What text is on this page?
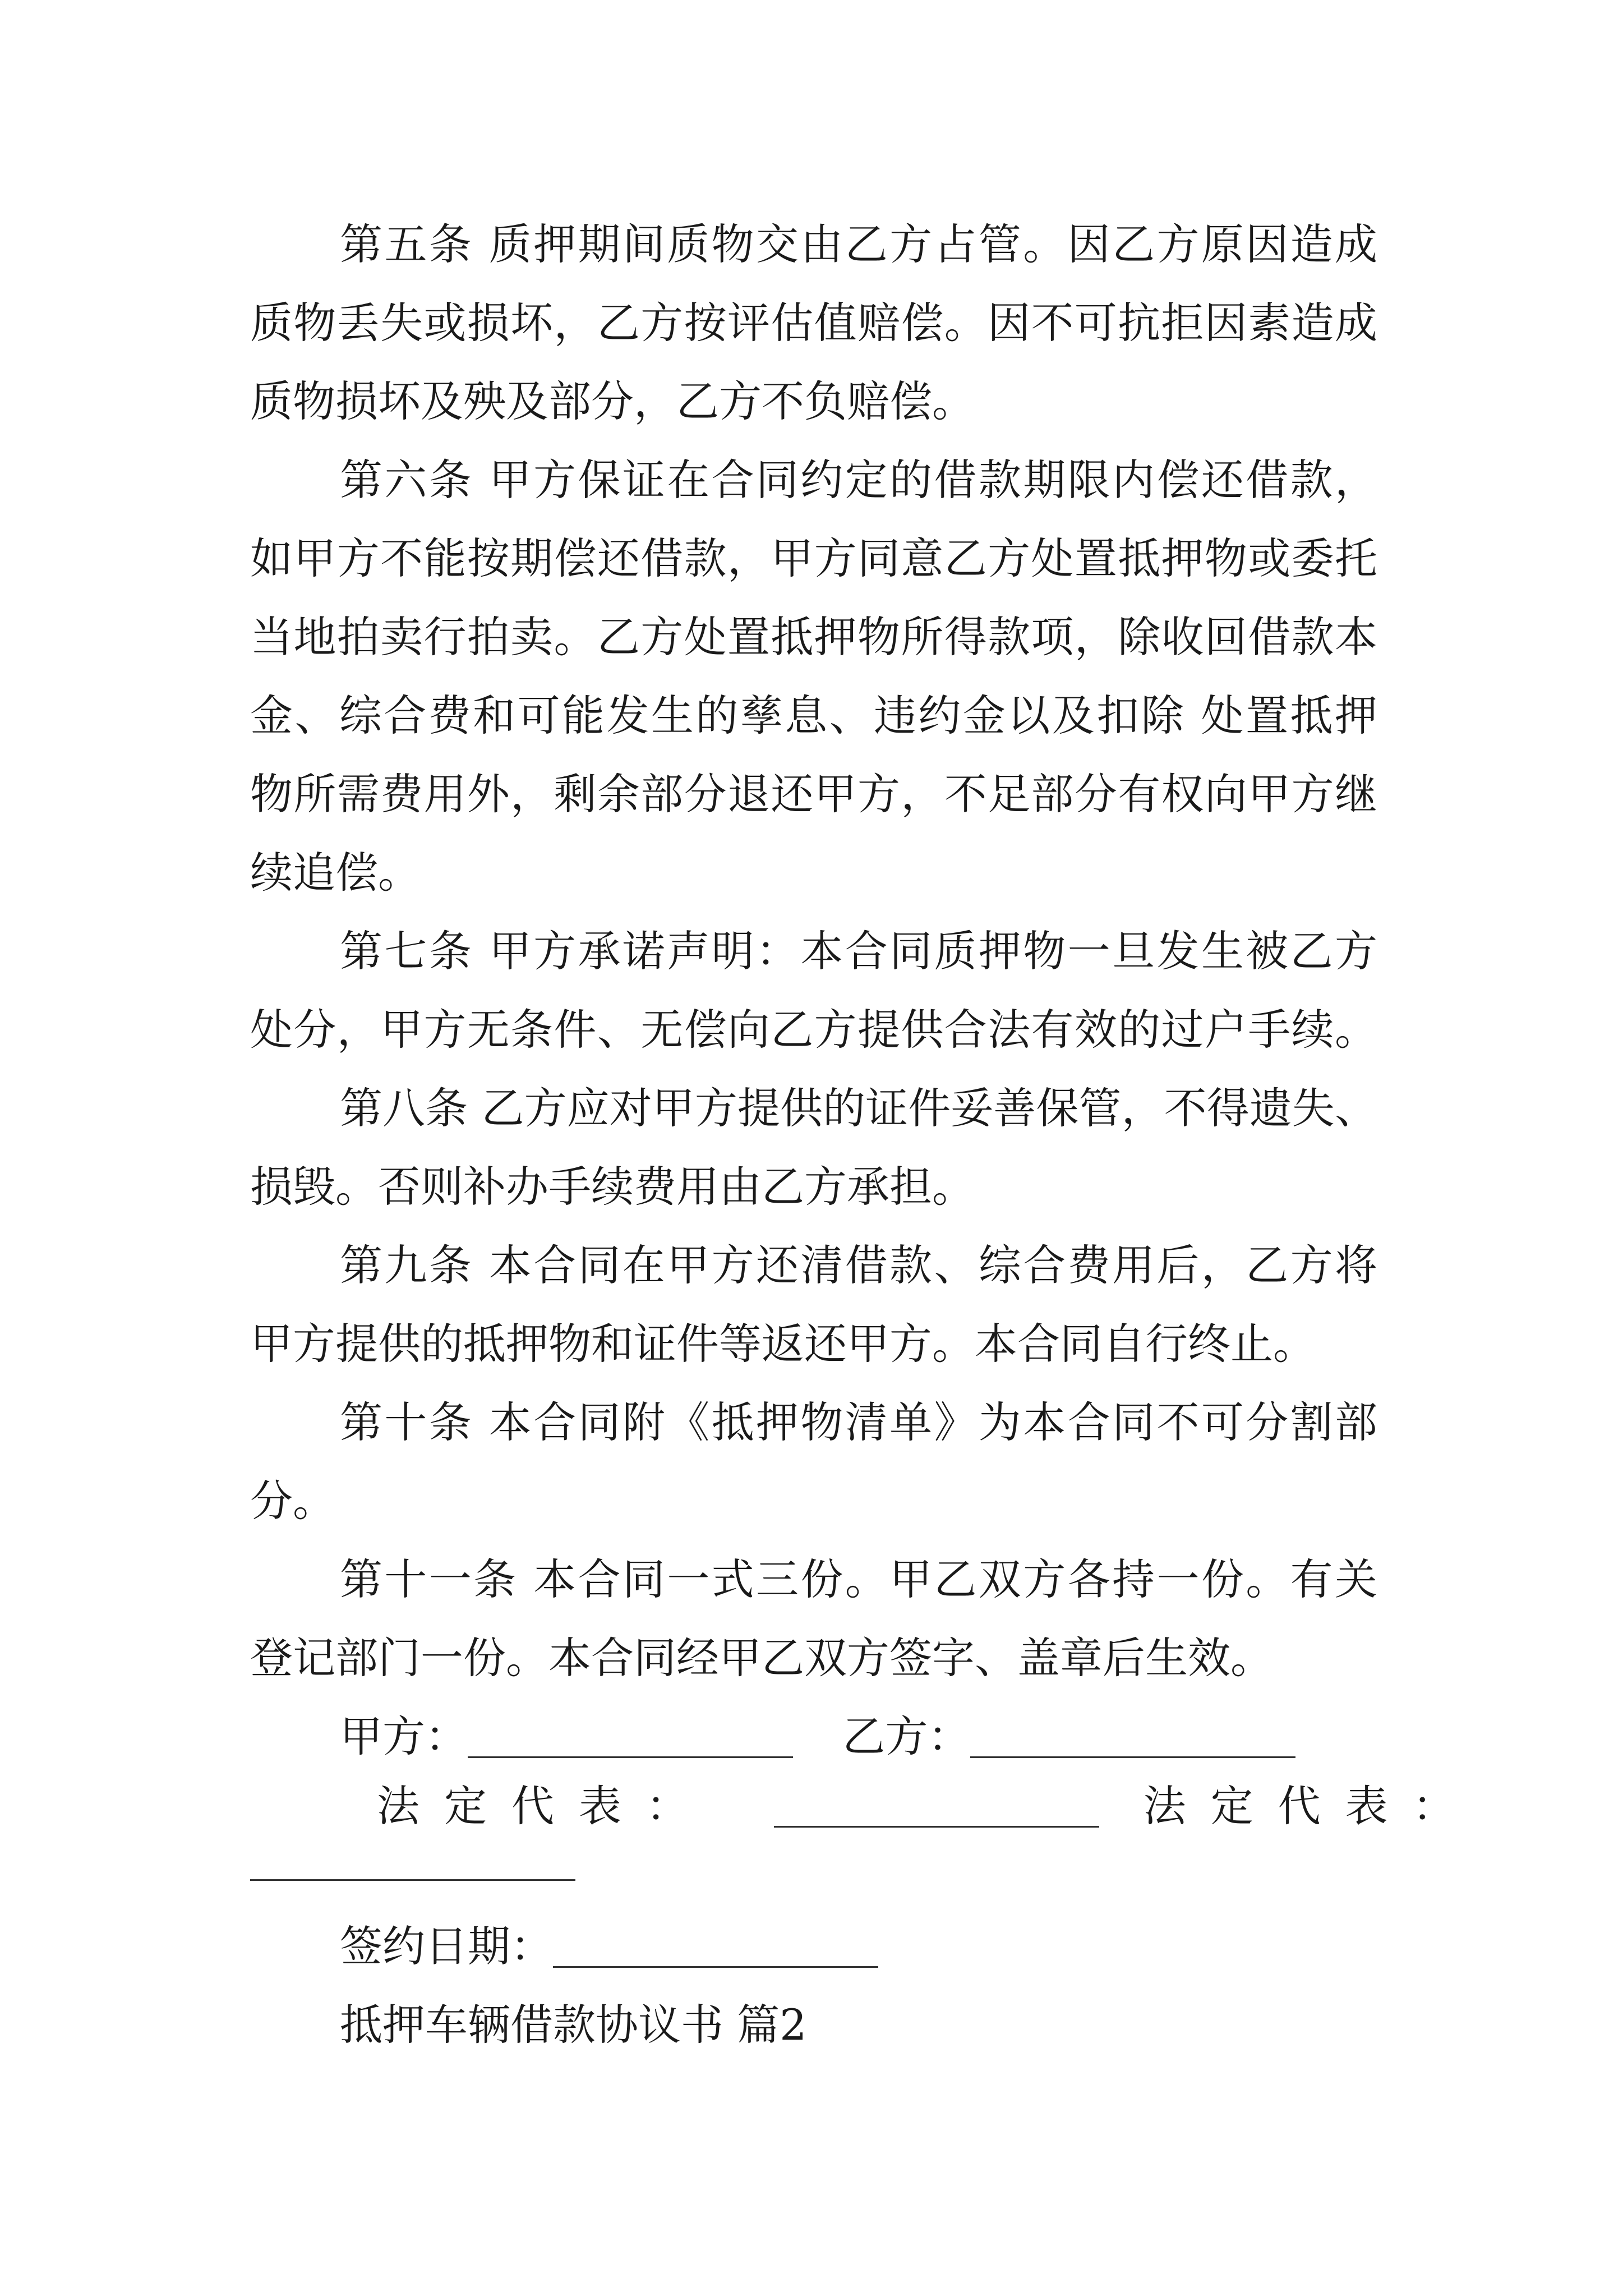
第五条 质押期间质物交由乙方占管。因乙方原因造成
质物丢失或损坏，乙方按评估值赔偿。因不可抗拒因素造成
质物损坏及殃及部分，乙方不负赔偿。
第六条 甲方保证在合同约定的借款期限内偿还借款，
如甲方不能按期偿还借款，甲方同意乙方处置抵押物或委托
当地拍卖行拍卖。乙方处置抵押物所得款项，除收回借款本
金、综合费和可能发生的孳息、违约金以及扣除 处置抵押
物所需费用外，剩余部分退还甲方，不足部分有权向甲方继
续追偿。
第七条 甲方承诺声明：本合同质押物一旦发生被乙方
处分，甲方无条件、无偿向乙方提供合法有效的过户手续。
第八条 乙方应对甲方提供的证件妥善保管，不得遗失、
损毁。否则补办手续费用由乙方承担。
第九条 本合同在甲方还清借款、综合费用后，乙方将
甲方提供的抵押物和证件等返还甲方。本合同自行终止。
第十条 本合同附《抵押物清单》为本合同不可分割部
分。
第十一条 本合同一式三份。甲乙双方各持一份。有关
登记部门一份。本合同经甲乙双方签字、盖章后生效。
甲方：	乙方：
法定代表：	法定代表：
签约日期：
抵押车辆借款协议书 篇2
